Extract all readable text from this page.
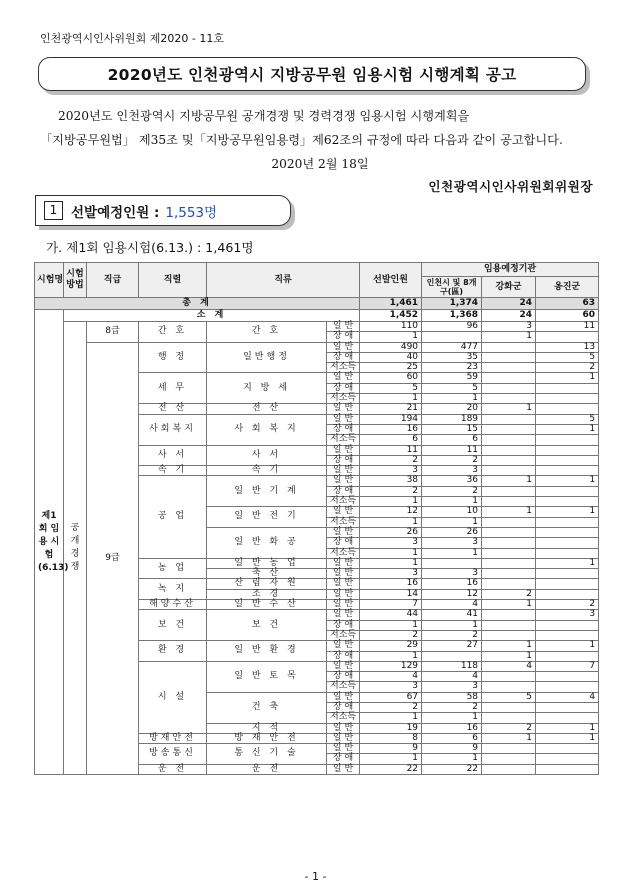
인천광역시인사위원회 제2020 - 11호
2020년도 인천광역시 지방공무원 임용시험 시행계획 공고

2020년도 인천광역시 지방공무원 공개경쟁 및 경력경쟁 임용시험 시행계획을

「지방공무원법」 제35조 및「지방공무원임용령」제62조의 규정에 따라 다음과 같이 공고합니다.

2020년 2월 18일

인천광역시인사위원회위원장
1	선발예정인원 : 1,553명
가. 제1회 임용시험(6.13.) : 1,461명
시험명	시험방법	직급	직렬	직류		선발인원	임용예정기관		
							인천시 및 8개 구(區)	강화군	옹진군
총 계						1,461	1,374	24	63
제1회 임 용 시 험 (6.13)	소 계					1,452	1,368	24	60
	공개 경쟁	8급	간 호	간 호	일 반	110	96	3	11
					장 애	1		1	
		9급	행 정	일반행정	일 반	490	477		13
					장 애	40	35		5
					저소득	25	23		2
			세 무	지 방 세	일 반	60	59		1
					장 애	5	5		
					저소득	1	1		
			전 산	전 산	일 반	21	20	1	
			사회복지	사 회 복 지	일 반	194	189		5
					장 애	16	15		1
					저소득	6	6		
			사 서	사 서	일 반	11	11		
					장 애	2	2		
			속 기	속 기	일 반	3	3		
			공 업	일 반 기 계	일 반	38	36	1	1
					장 애	2	2		
					저소득	1	1		
				일 반 전 기	일 반	12	10	1	1
					저소득	1	1		
				일 반 화 공	일 반	26	26		
					장 애	3	3		
					저소득	1	1		
			농 업	일 반 농 업	일 반	1			1
				축 산	일 반	3	3		
			녹 지	산 림 자 원	일 반	16	16		
				조 경	일 반	14	12	2	
			해양수산	일 반 수 산	일 반	7	4	1	2
			보 건	보 건	일 반	44	41		3
					장 애	1	1		
					저소득	2	2		
			환 경	일 반 환 경	일 반	29	27	1	1
					장 애	1		1	
			시 설	일 반 토 목	일 반	129	118	4	7
					장 애	4	4		
					저소득	3	3		
				건 축	일 반	67	58	5	4
					장 애	2	2		
					저소득	1	1		
				지 적	일 반	19	16	2	1
			방재안전	방 재 안 전	일 반	8	6	1	1
			방송통신	통 신 기 술	일 반	9	9		
					장 애	1	1		
			운 전	운 전	일 반	22	22		
- 1 -
